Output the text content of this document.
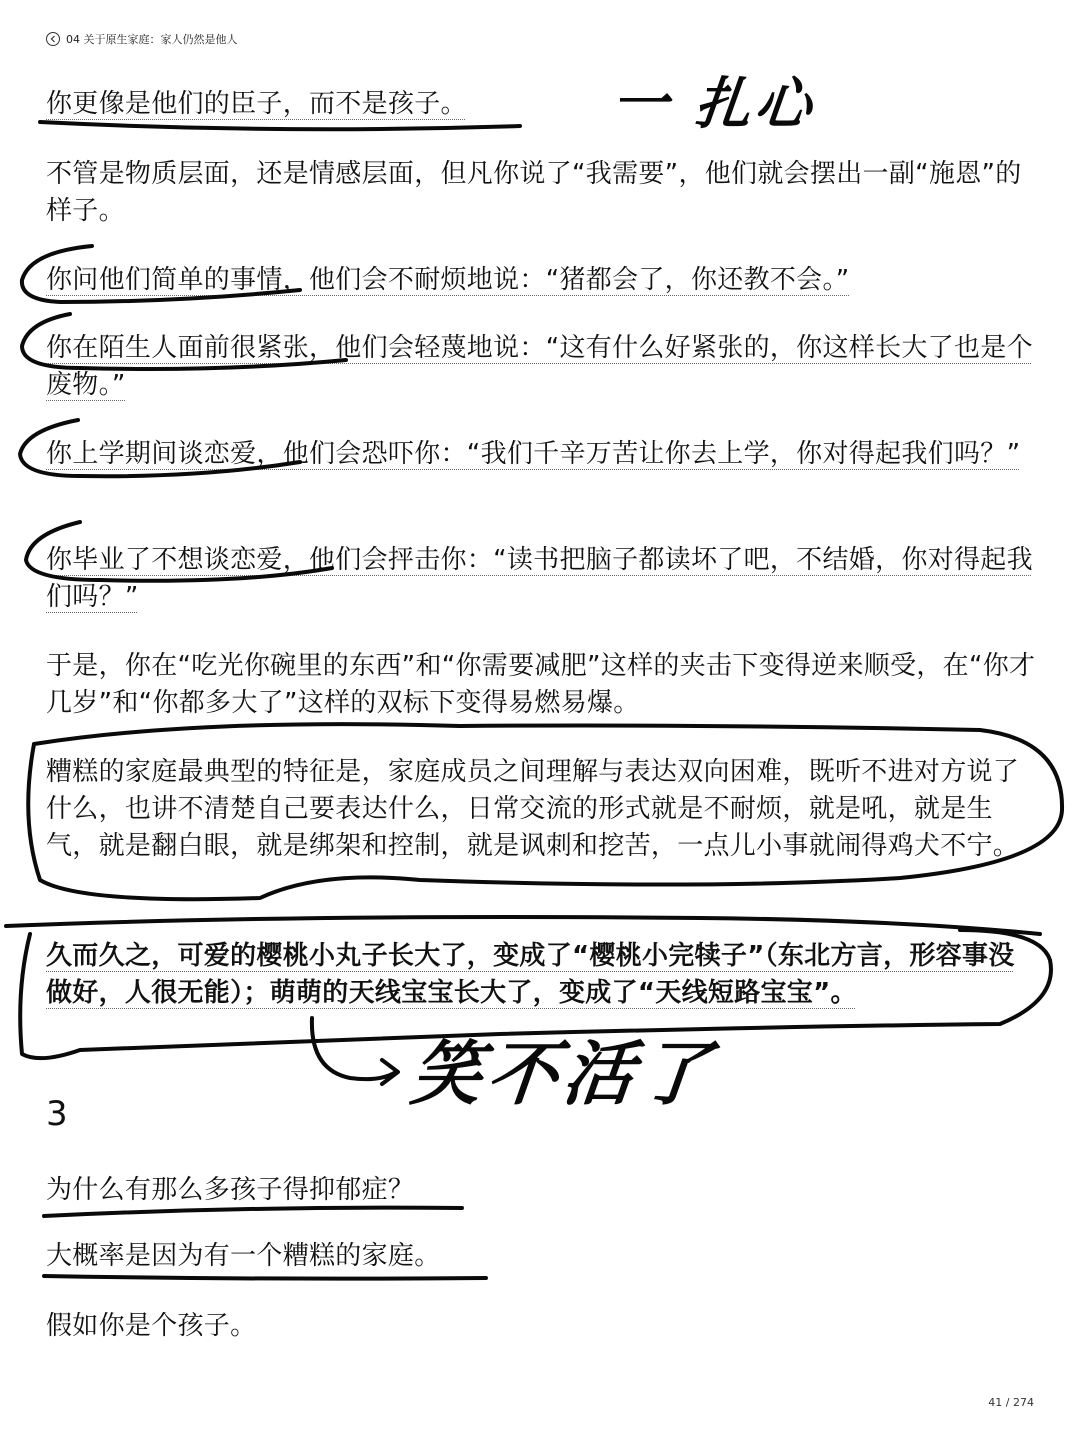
04 关于原生家庭：家人仍然是他人

你更像是他们的臣子，而不是孩子。

不管是物质层面，还是情感层面，但凡你说了“我需要”，他们就会摆出一副“施恩”的样子。

你问他们简单的事情，他们会不耐烦地说：“猪都会了，你还教不会。”

你在陌生人面前很紧张，他们会轻蔑地说：“这有什么好紧张的，你这样长大了也是个废物。”

你上学期间谈恋爱，他们会恐吓你：“我们千辛万苦让你去上学，你对得起我们吗？”

你毕业了不想谈恋爱，他们会抨击你：“读书把脑子都读坏了吧，不结婚，你对得起我们吗？”

于是，你在“吃光你碗里的东西”和“你需要减肥”这样的夹击下变得逆来顺受，在“你才几岁”和“你都多大了”这样的双标下变得易燃易爆。

糟糕的家庭最典型的特征是，家庭成员之间理解与表达双向困难，既听不进对方说了什么，也讲不清楚自己要表达什么，日常交流的形式就是不耐烦，就是吼，就是生气，就是翻白眼，就是绑架和控制，就是讽刺和挖苦，一点儿小事就闹得鸡犬不宁。

久而久之，可爱的樱桃小丸子长大了，变成了“樱桃小完犊子”（东北方言，形容事没做好，人很无能）；萌萌的天线宝宝长大了，变成了“天线短路宝宝”。

3

为什么有那么多孩子得抑郁症？

大概率是因为有一个糟糕的家庭。

假如你是个孩子。

41 / 274
一 扎心
笑不活了
